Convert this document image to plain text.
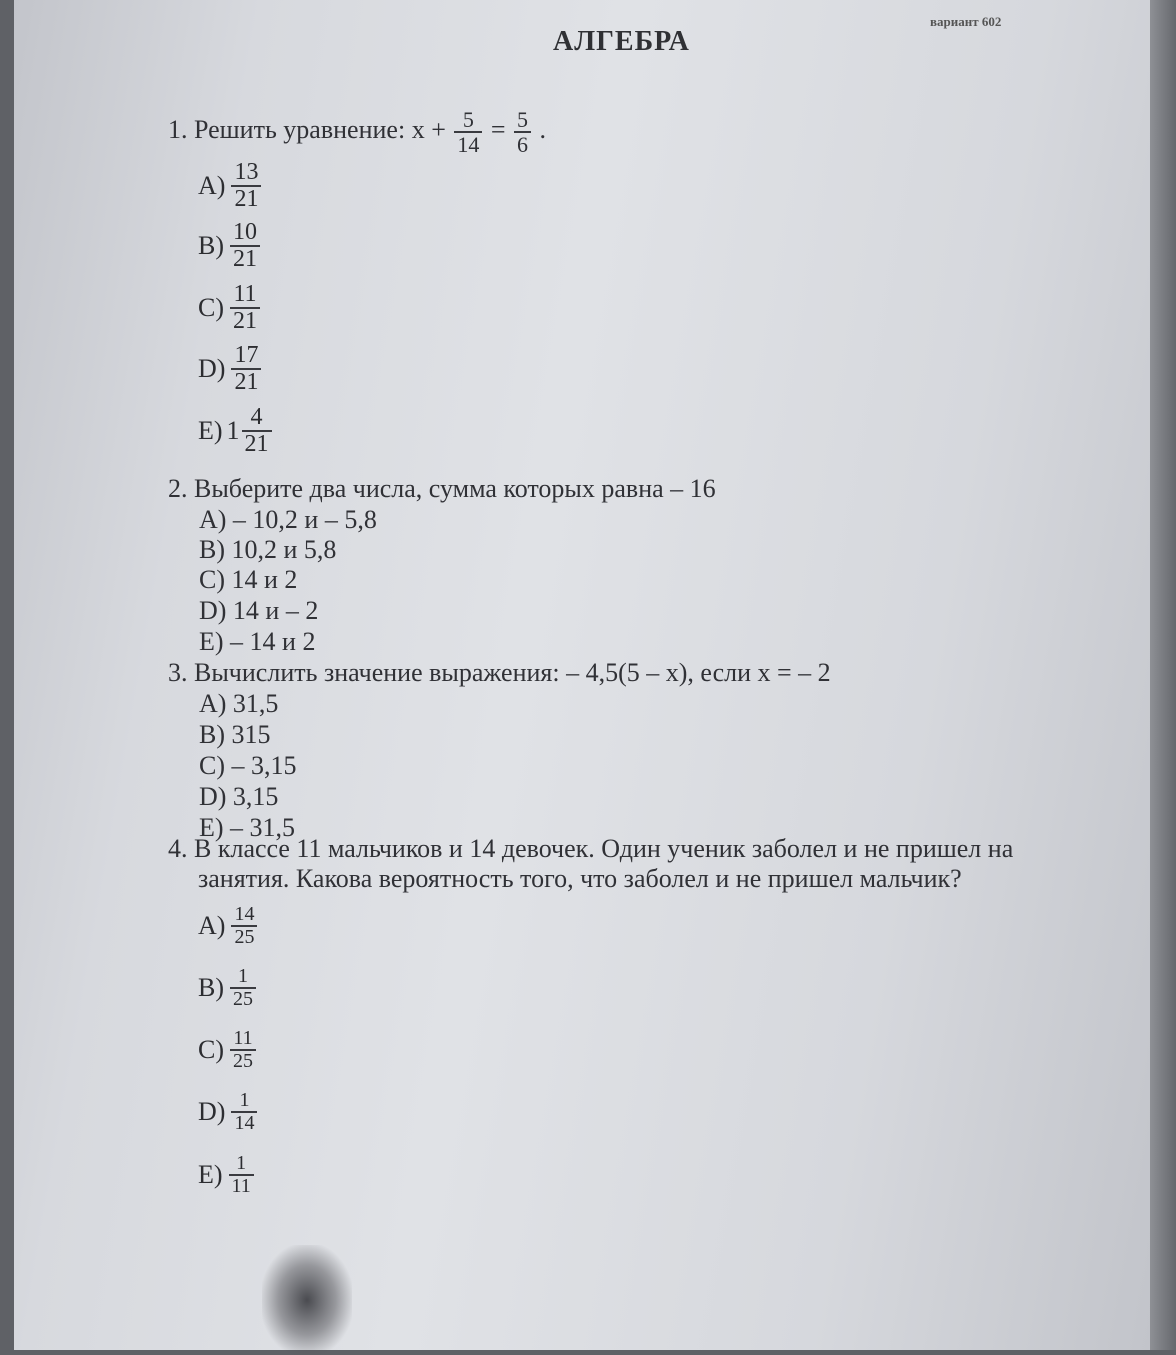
вариант 602
АЛГЕБРА
1. Решить уравнение: $x + \frac{5}{14} = \frac{5}{6}$ .
$A) \frac{13}{21}$
$B) \frac{10}{21}$
$C) \frac{11}{21}$
$D) \frac{17}{21}$
E) $1 \frac{4}{21}$
2. Выберите два числа, сумма которых равна – 16
A) – 10,2 и – 5,8
B) 10,2 и 5,8
C) 14 и 2
D) 14 и – 2
E) – 14 и 2
3. Вычислить значение выражения: – 4,5(5 – x), если x = – 2
A) 31,5
B) 315
C) – 3,15
D) 3,15
E) – 31,5
4. В классе 11 мальчиков и 14 девочек. Один ученик заболел и не пришел на
занятия. Какова вероятность того, что заболел и не пришел мальчик?
$A) \frac{14}{25}$
$B) \frac{1}{25}$
$C) \frac{11}{25}$
$D) \frac{1}{14}$
$E) \frac{1}{11}$
